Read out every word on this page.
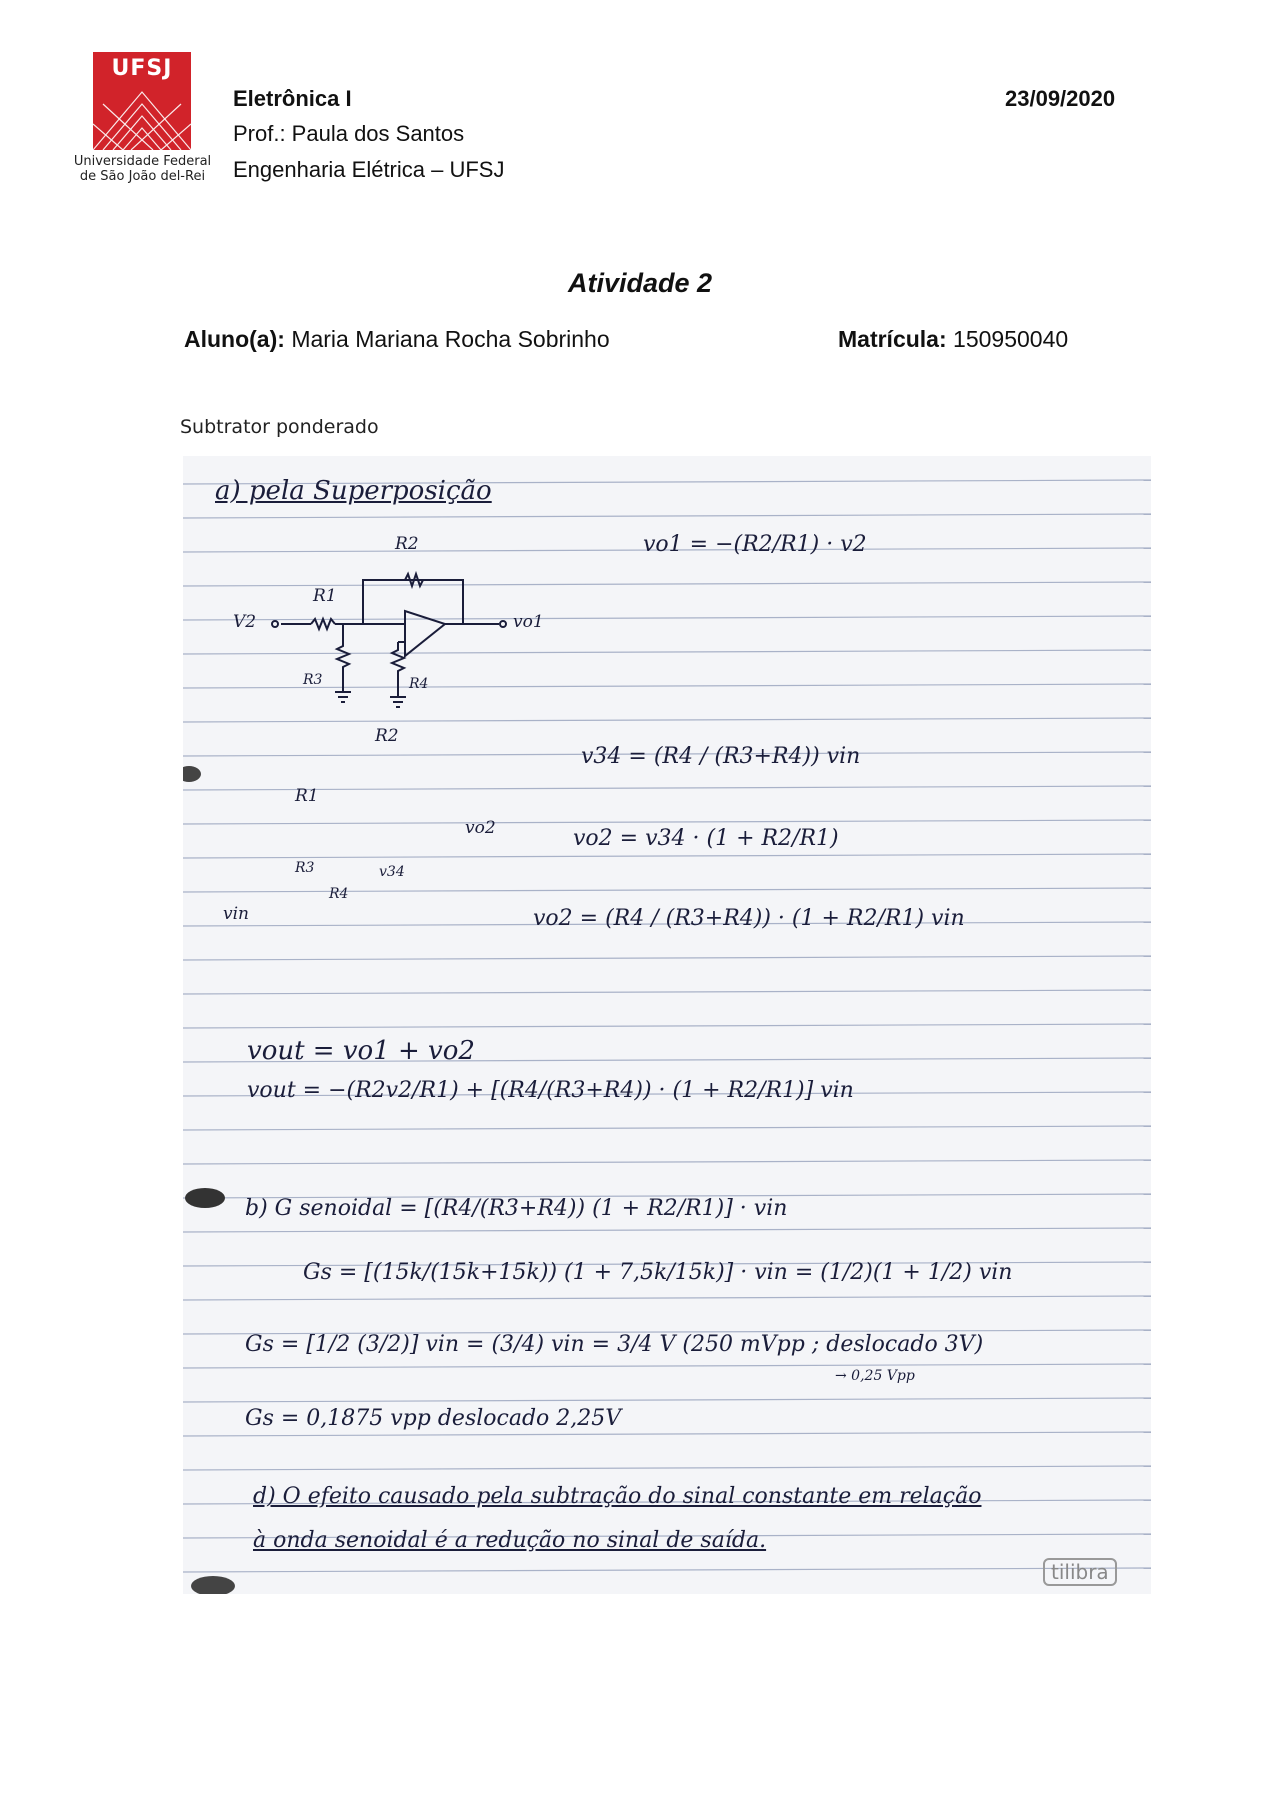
UFSJ
Universidade Federal
de São João del-Rei
Eletrônica I
Prof.: Paula dos Santos
Engenharia Elétrica – UFSJ
23/09/2020
Atividade 2
Aluno(a): Maria Mariana Rocha Sobrinho	Matrícula: 150950040
Subtrator ponderado
a) pela Superposição
R2
R1
V2	vo1
R3	R4
vo1 = −(R2/R1) · v2
R2
R1
R3
R4
vo2
v34
vin
v34 = (R4 / (R3+R4)) vin
vo2 = v34 · (1 + R2/R1)
vo2 = (R4 / (R3+R4)) · (1 + R2/R1) vin
vout = vo1 + vo2
vout = −(R2v2/R1) + [(R4/(R3+R4)) · (1 + R2/R1)] vin
b) G senoidal = [(R4/(R3+R4)) (1 + R2/R1)] · vin
Gs = [(15k/(15k+15k)) (1 + 7,5k/15k)] · vin = (1/2)(1 + 1/2) vin
Gs = [1/2 (3/2)] vin = (3/4) vin = 3/4 V (250 mVpp ; deslocado 3V)
→ 0,25 Vpp
Gs = 0,1875 vpp deslocado 2,25V
d) O efeito causado pela subtração do sinal constante em relação
à onda senoidal é a redução no sinal de saída.
tilibra
